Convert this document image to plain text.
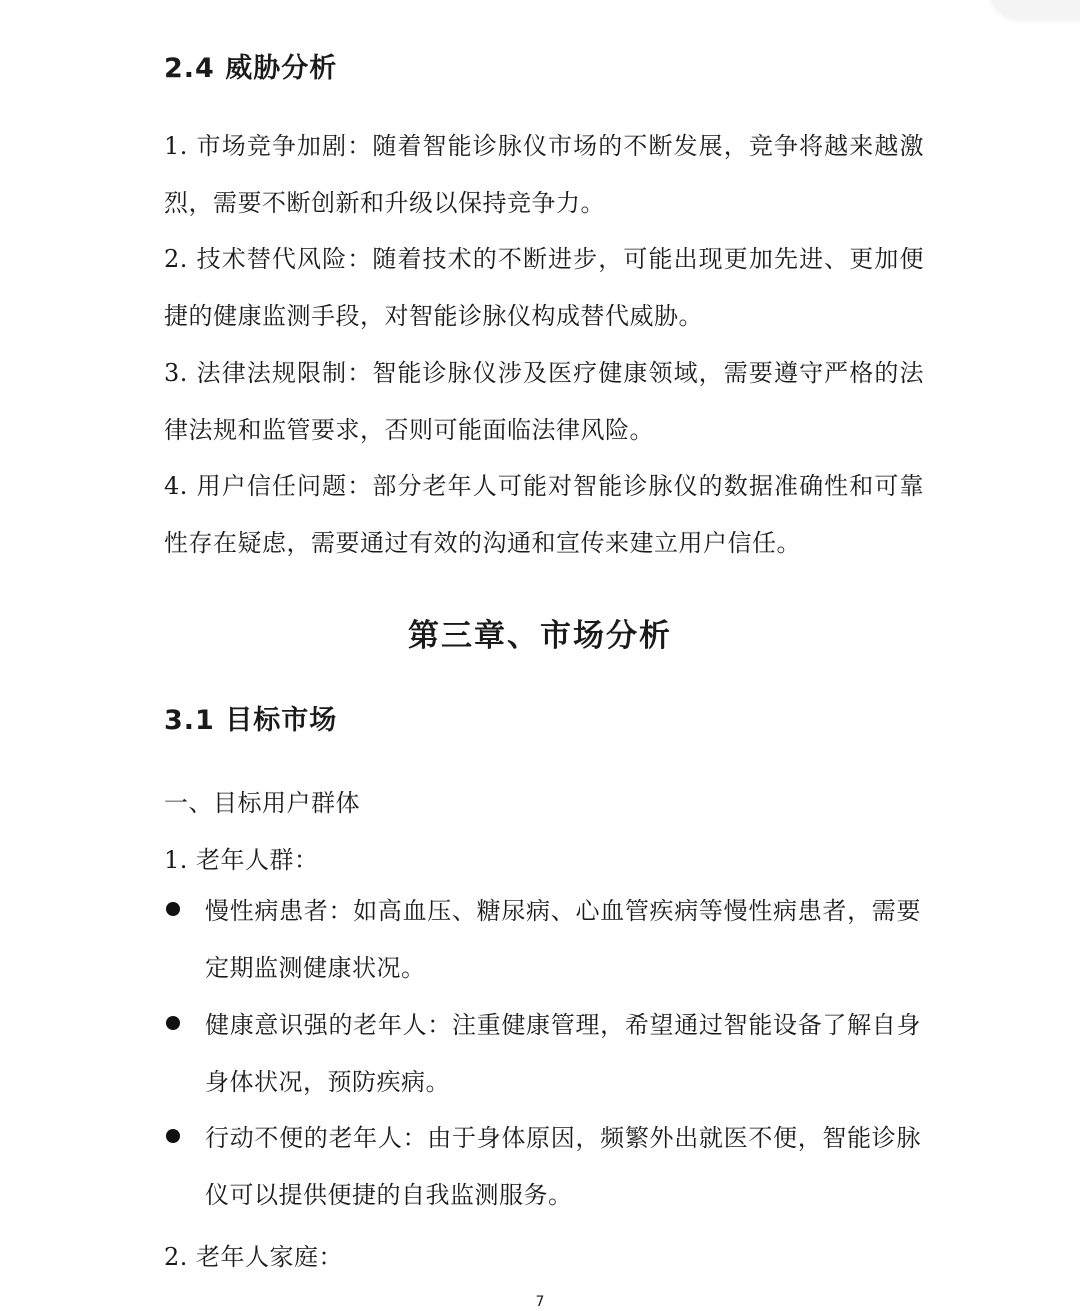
2.4 威胁分析
1. 市场竞争加剧：随着智能诊脉仪市场的不断发展，竞争将越来越激烈，需要不断创新和升级以保持竞争力。
2. 技术替代风险：随着技术的不断进步，可能出现更加先进、更加便捷的健康监测手段，对智能诊脉仪构成替代威胁。
3. 法律法规限制：智能诊脉仪涉及医疗健康领域，需要遵守严格的法律法规和监管要求，否则可能面临法律风险。
4. 用户信任问题：部分老年人可能对智能诊脉仪的数据准确性和可靠性存在疑虑，需要通过有效的沟通和宣传来建立用户信任。
第三章、市场分析
3.1 目标市场
一、目标用户群体
1. 老年人群：
慢性病患者：如高血压、糖尿病、心血管疾病等慢性病患者，需要定期监测健康状况。
健康意识强的老年人：注重健康管理，希望通过智能设备了解自身身体状况，预防疾病。
行动不便的老年人：由于身体原因，频繁外出就医不便，智能诊脉仪可以提供便捷的自我监测服务。
2. 老年人家庭：
7
